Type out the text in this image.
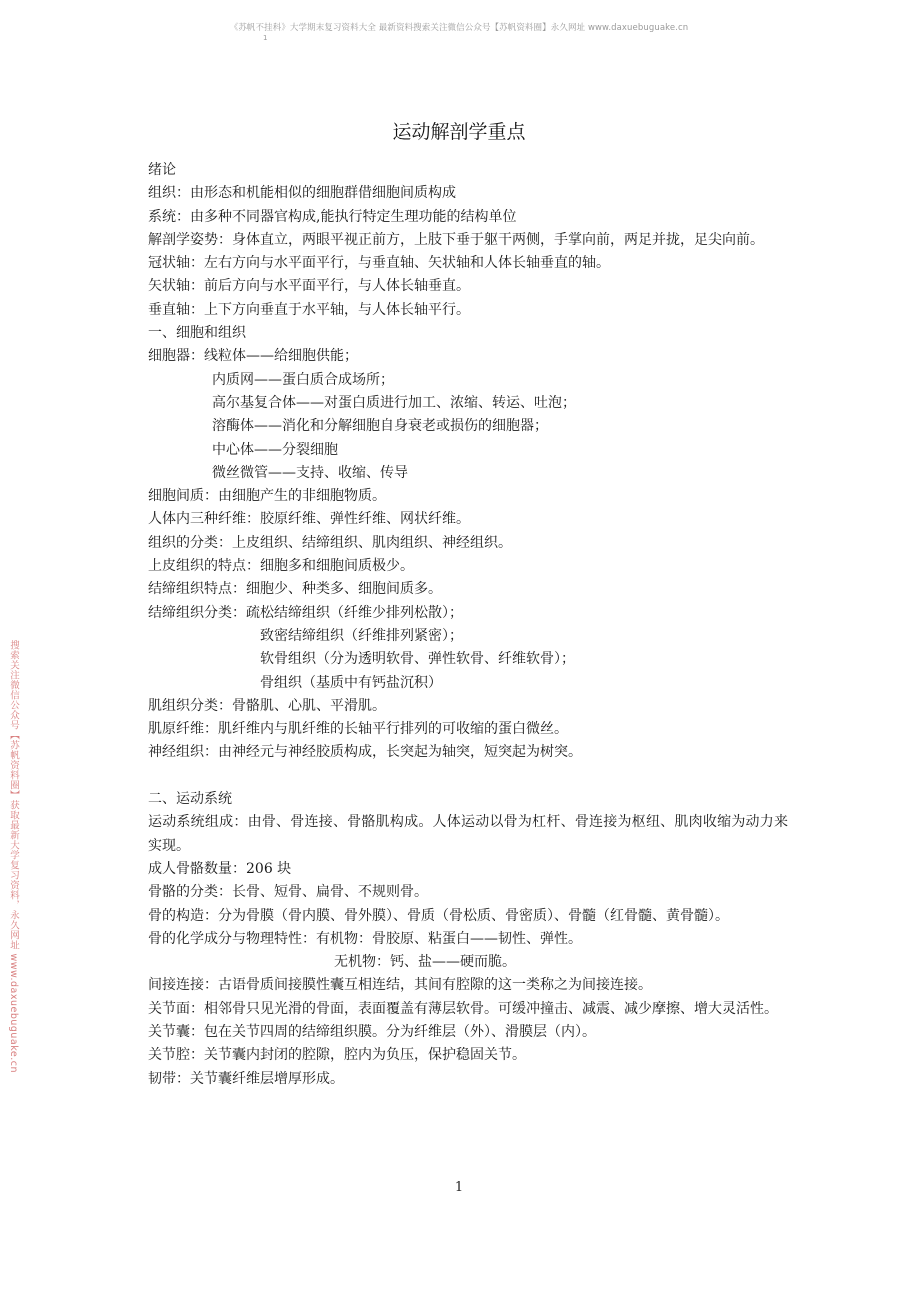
《苏帆不挂科》大学期末复习资料大全 最新资料搜索关注微信公众号【苏帆资料圈】永久网址 www.daxuebuguake.cn
1
搜索关注微信公众号【苏帆资料圈】获取最新大学复习资料，永久网址 www.daxuebuguake.cn
运动解剖学重点
绪论
组织：由形态和机能相似的细胞群借细胞间质构成
系统：由多种不同器官构成,能执行特定生理功能的结构单位
解剖学姿势：身体直立，两眼平视正前方，上肢下垂于躯干两侧，手掌向前，两足并拢，足尖向前。
冠状轴：左右方向与水平面平行，与垂直轴、矢状轴和人体长轴垂直的轴。
矢状轴：前后方向与水平面平行，与人体长轴垂直。
垂直轴：上下方向垂直于水平轴，与人体长轴平行。
一、细胞和组织
细胞器：线粒体——给细胞供能；
内质网——蛋白质合成场所；
高尔基复合体——对蛋白质进行加工、浓缩、转运、吐泡；
溶酶体——消化和分解细胞自身衰老或损伤的细胞器；
中心体——分裂细胞
微丝微管——支持、收缩、传导
细胞间质：由细胞产生的非细胞物质。
人体内三种纤维：胶原纤维、弹性纤维、网状纤维。
组织的分类：上皮组织、结缔组织、肌肉组织、神经组织。
上皮组织的特点：细胞多和细胞间质极少。
结缔组织特点：细胞少、种类多、细胞间质多。
结缔组织分类：疏松结缔组织（纤维少排列松散）；
致密结缔组织（纤维排列紧密）；
软骨组织（分为透明软骨、弹性软骨、纤维软骨）；
骨组织（基质中有钙盐沉积）
肌组织分类：骨骼肌、心肌、平滑肌。
肌原纤维：肌纤维内与肌纤维的长轴平行排列的可收缩的蛋白微丝。
神经组织：由神经元与神经胶质构成，长突起为轴突，短突起为树突。
二、运动系统
运动系统组成：由骨、骨连接、骨骼肌构成。人体运动以骨为杠杆、骨连接为枢纽、肌肉收缩为动力来实现。
成人骨骼数量：206 块
骨骼的分类：长骨、短骨、扁骨、不规则骨。
骨的构造：分为骨膜（骨内膜、骨外膜）、骨质（骨松质、骨密质）、骨髓（红骨髓、黄骨髓）。
骨的化学成分与物理特性：有机物：骨胶原、粘蛋白——韧性、弹性。
无机物：钙、盐——硬而脆。
间接连接：古语骨质间接膜性囊互相连结，其间有腔隙的这一类称之为间接连接。
关节面：相邻骨只见光滑的骨面，表面覆盖有薄层软骨。可缓冲撞击、减震、减少摩擦、增大灵活性。
关节囊：包在关节四周的结缔组织膜。分为纤维层（外）、滑膜层（内）。
关节腔：关节囊内封闭的腔隙，腔内为负压，保护稳固关节。
韧带：关节囊纤维层增厚形成。
1
